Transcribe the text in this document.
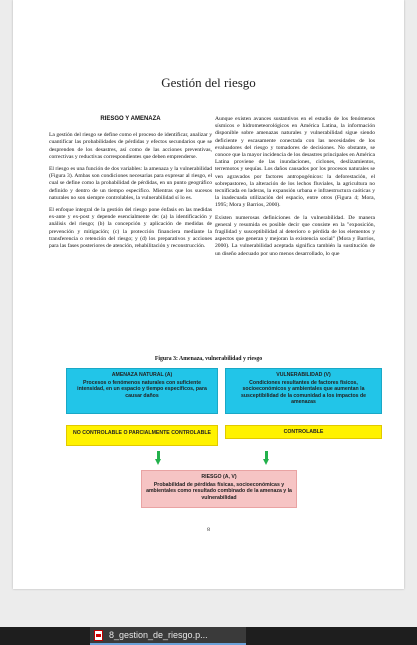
Gestión del riesgo
RIESGO Y AMENAZA

La gestión del riesgo se define como el proceso de identificar, analizar y cuantificar las probabilidades de pérdidas y efectos secundarios que se desprenden de los desastres, así como de las acciones preventivas, correctivas y reductivas correspondientes que deben emprenderse.

El riesgo es una función de dos variables: la amenaza y la vulnerabilidad (Figura 3). Ambas son condiciones necesarias para expresar al riesgo, el cual se define como la probabilidad de pérdidas, en un punto geográfico definido y dentro de un tiempo específico. Mientras que los sucesos naturales no son siempre controlables, la vulnerabilidad sí lo es.

El enfoque integral de la gestión del riesgo pone énfasis en las medidas ex-ante y ex-post y depende esencialmente de: (a) la identificación y análisis del riesgo; (b) la concepción y aplicación de medidas de prevención y mitigación; (c) la protección financiera mediante la transferencia o retención del riesgo; y (d) los preparativos y acciones para las fases posteriores de atención, rehabilitación y reconstrucción.

Aunque existen avances sustantivos en el estudio de los fenómenos sísmicos e hidrometeorológicos en América Latina, la información disponible sobre amenazas naturales y vulnerabilidad sigue siendo deficiente y escasamente conectada con las necesidades de los evaluadores del riesgo y tomadores de decisiones. No obstante, se conoce que la mayor incidencia de los desastres principales en América Latina proviene de las inundaciones, ciclones, deslizamientos, terremotos y sequías. Los daños causados por los procesos naturales se ven agravados por factores antropogénicos: la deforestación, el sobrepastoreo, la alteración de los lechos fluviales, la agricultura no tecnificada en laderas, la expansión urbana e infraestructura caóticas y la inadecuada utilización del espacio, entre otros (Figura 4; Mora, 1995; Mora y Barrios, 2000).

Existen numerosas definiciones de la vulnerabilidad. De manera general y resumida es posible decir que consiste en la "exposición, fragilidad y susceptibilidad al deterioro o pérdida de los elementos y aspectos que generan y mejoran la existencia social" (Mora y Barrios, 2000). La vulnerabilidad aceptada significa también la sustitución de un diseño adecuado por uno menos desarrollado, lo que

Figura 3: Amenaza, vulnerabilidad y riesgo
AMENAZA NATURAL (A)
Procesos o fenómenos naturales con suficiente intensidad, en un espacio y tiempo específicos, para causar daños
VULNERABILIDAD (V)
Condiciones resultantes de factores físicos, socioeconómicos y ambientales que aumentan la susceptibilidad de la comunidad a los impactos de amenazas
NO CONTROLABLE O PARCIALMENTE CONTROLABLE	CONTROLABLE
RIESGO (A, V)
Probabilidad de pérdidas físicas, socioeconómicas y ambientales como resultado combinado de la amenaza y la vulnerabilidad
8
8_gestion_de_riesgo.p...
